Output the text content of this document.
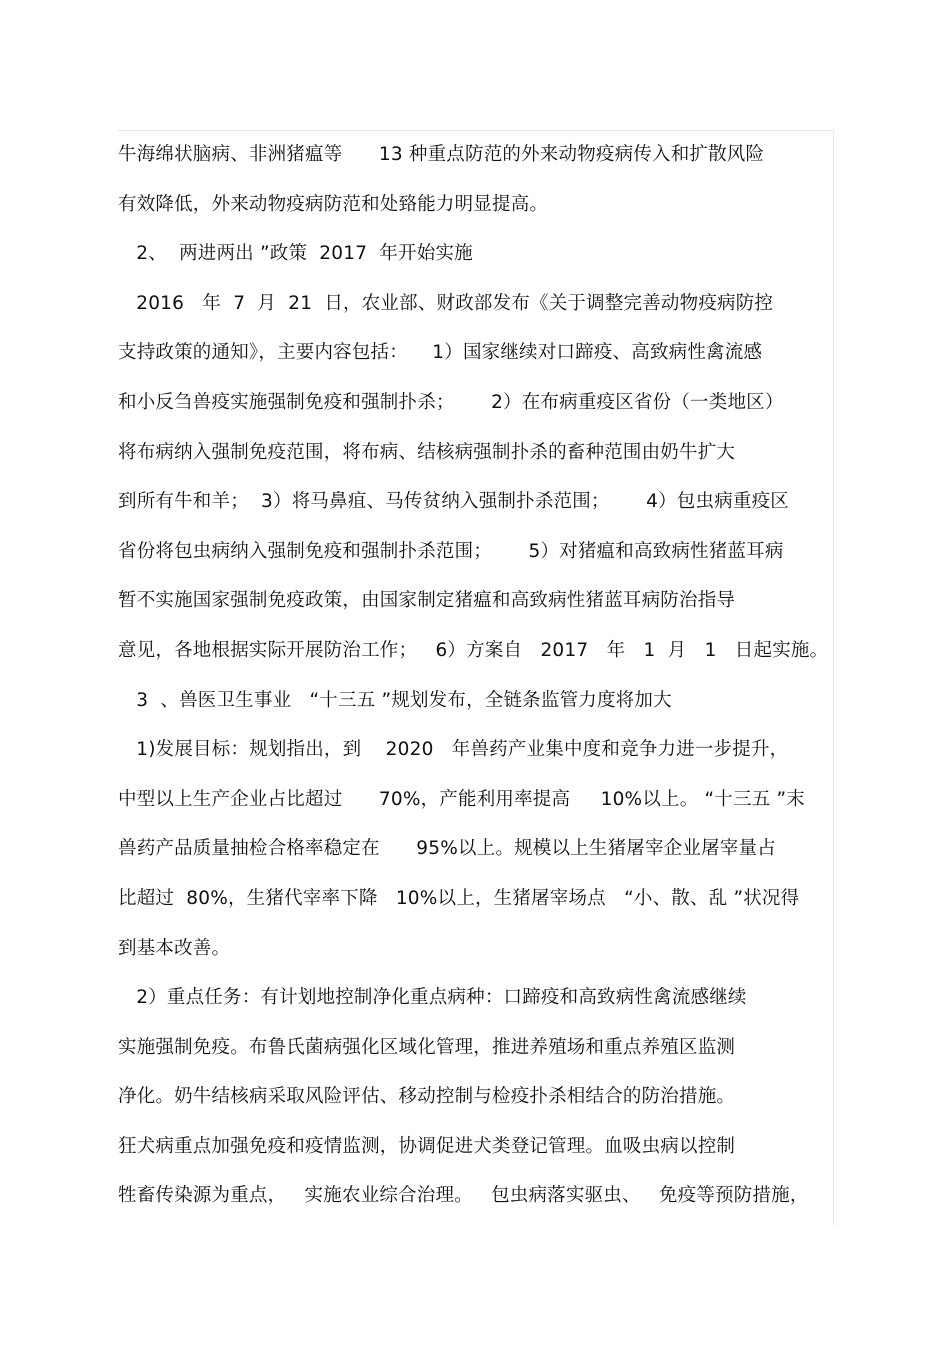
牛海绵状脑病、非洲猪瘟等      13 种重点防范的外来动物疫病传入和扩散风险
有效降低，外来动物疫病防范和处臵能力明显提高。
2、  两进两出 ”政策  2017  年开始实施
2016   年  7  月  21  日，农业部、财政部发布《关于调整完善动物疫病防控
支持政策的通知》，主要内容包括：    1）国家继续对口蹄疫、高致病性禽流感
和小反刍兽疫实施强制免疫和强制扑杀；      2）在布病重疫区省份（一类地区）
将布病纳入强制免疫范围，将布病、结核病强制扑杀的畜种范围由奶牛扩大
到所有牛和羊；  3）将马鼻疽、马传贫纳入强制扑杀范围；      4）包虫病重疫区
省份将包虫病纳入强制免疫和强制扑杀范围；      5）对猪瘟和高致病性猪蓝耳病
暂不实施国家强制免疫政策，由国家制定猪瘟和高致病性猪蓝耳病防治指导
意见，各地根据实际开展防治工作；   6）方案自   2017   年   1  月   1   日起实施。
3  、兽医卫生事业   “十三五 ”规划发布，全链条监管力度将加大
1)发展目标：规划指出，到    2020   年兽药产业集中度和竞争力进一步提升，
中型以上生产企业占比超过      70%，产能利用率提高     10%以上。 “十三五 ”末
兽药产品质量抽检合格率稳定在      95%以上。规模以上生猪屠宰企业屠宰量占
比超过  80%，生猪代宰率下降   10%以上，生猪屠宰场点   “小、散、乱 ”状况得
到基本改善。
2）重点任务：有计划地控制净化重点病种：口蹄疫和高致病性禽流感继续
实施强制免疫。布鲁氏菌病强化区域化管理，推进养殖场和重点养殖区监测
净化。奶牛结核病采取风险评估、移动控制与检疫扑杀相结合的防治措施。
狂犬病重点加强免疫和疫情监测，协调促进犬类登记管理。血吸虫病以控制
牲畜传染源为重点，   实施农业综合治理。   包虫病落实驱虫、   免疫等预防措施，
